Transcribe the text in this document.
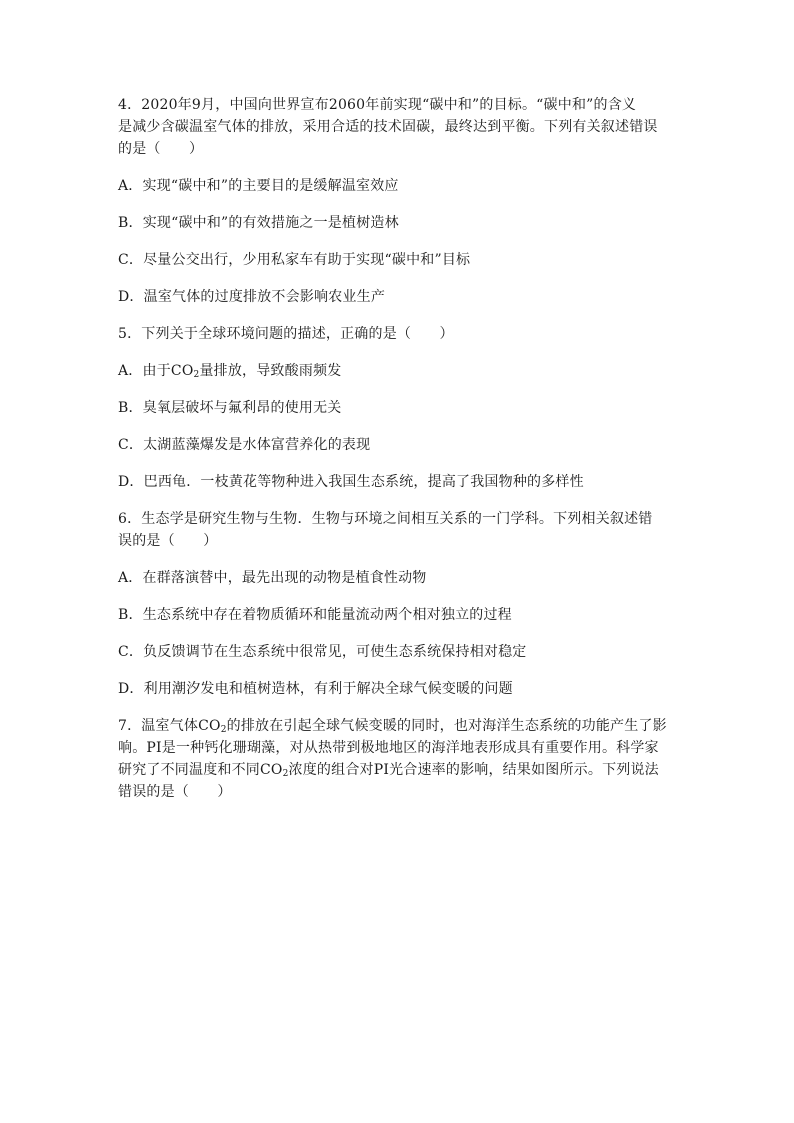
4．2020年9月，中国向世界宣布2060年前实现“碳中和”的目标。“碳中和”的含义
是减少含碳温室气体的排放，采用合适的技术固碳，最终达到平衡。下列有关叙述错误
的是（　　）
A．实现“碳中和”的主要目的是缓解温室效应
B．实现“碳中和”的有效措施之一是植树造林
C．尽量公交出行，少用私家车有助于实现“碳中和”目标
D．温室气体的过度排放不会影响农业生产
5．下列关于全球环境问题的描述，正确的是（　　）
A．由于$CO_2$量排放，导致酸雨频发
B．臭氧层破坏与氟利昂的使用无关
C．太湖蓝藻爆发是水体富营养化的表现
D．巴西龟．一枝黄花等物种进入我国生态系统，提高了我国物种的多样性
6．生态学是研究生物与生物．生物与环境之间相互关系的一门学科。下列相关叙述错
误的是（　　）
A．在群落演替中，最先出现的动物是植食性动物
B．生态系统中存在着物质循环和能量流动两个相对独立的过程
C．负反馈调节在生态系统中很常见，可使生态系统保持相对稳定
D．利用潮汐发电和植树造林，有利于解决全球气候变暖的问题
7．温室气体$CO_2$的排放在引起全球气候变暖的同时，也对海洋生态系统的功能产生了影
响。PI是一种钙化珊瑚藻，对从热带到极地地区的海洋地表形成具有重要作用。科学家
研究了不同温度和不同$CO_2$浓度的组合对PI光合速率的影响，结果如图所示。下列说法
错误的是（　　）
